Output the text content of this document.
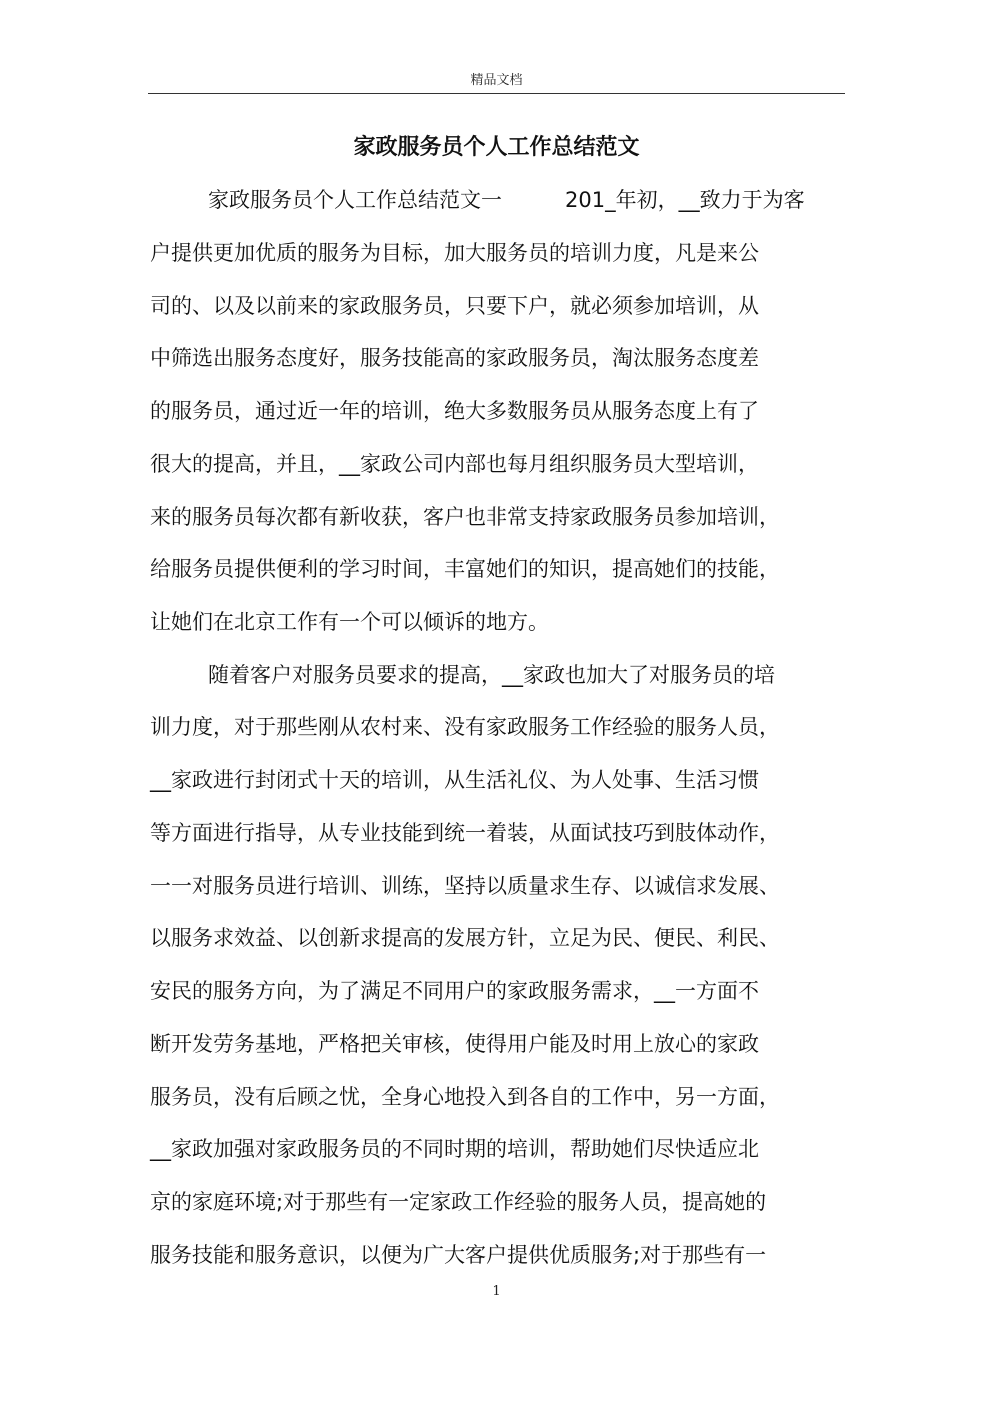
精品文档
家政服务员个人工作总结范文
家政服务员个人工作总结范文一　　　201_年初，__致力于为客
户提供更加优质的服务为目标，加大服务员的培训力度，凡是来公
司的、以及以前来的家政服务员，只要下户，就必须参加培训，从
中筛选出服务态度好，服务技能高的家政服务员，淘汰服务态度差
的服务员，通过近一年的培训，绝大多数服务员从服务态度上有了
很大的提高，并且，__家政公司内部也每月组织服务员大型培训，
来的服务员每次都有新收获，客户也非常支持家政服务员参加培训，
给服务员提供便利的学习时间，丰富她们的知识，提高她们的技能，
让她们在北京工作有一个可以倾诉的地方。
随着客户对服务员要求的提高，__家政也加大了对服务员的培
训力度，对于那些刚从农村来、没有家政服务工作经验的服务人员，
__家政进行封闭式十天的培训，从生活礼仪、为人处事、生活习惯
等方面进行指导，从专业技能到统一着装，从面试技巧到肢体动作，
一一对服务员进行培训、训练，坚持以质量求生存、以诚信求发展、
以服务求效益、以创新求提高的发展方针，立足为民、便民、利民、
安民的服务方向，为了满足不同用户的家政服务需求，__一方面不
断开发劳务基地，严格把关审核，使得用户能及时用上放心的家政
服务员，没有后顾之忧，全身心地投入到各自的工作中，另一方面，
__家政加强对家政服务员的不同时期的培训，帮助她们尽快适应北
京的家庭环境;对于那些有一定家政工作经验的服务人员，提高她的
服务技能和服务意识，以便为广大客户提供优质服务;对于那些有一
1
